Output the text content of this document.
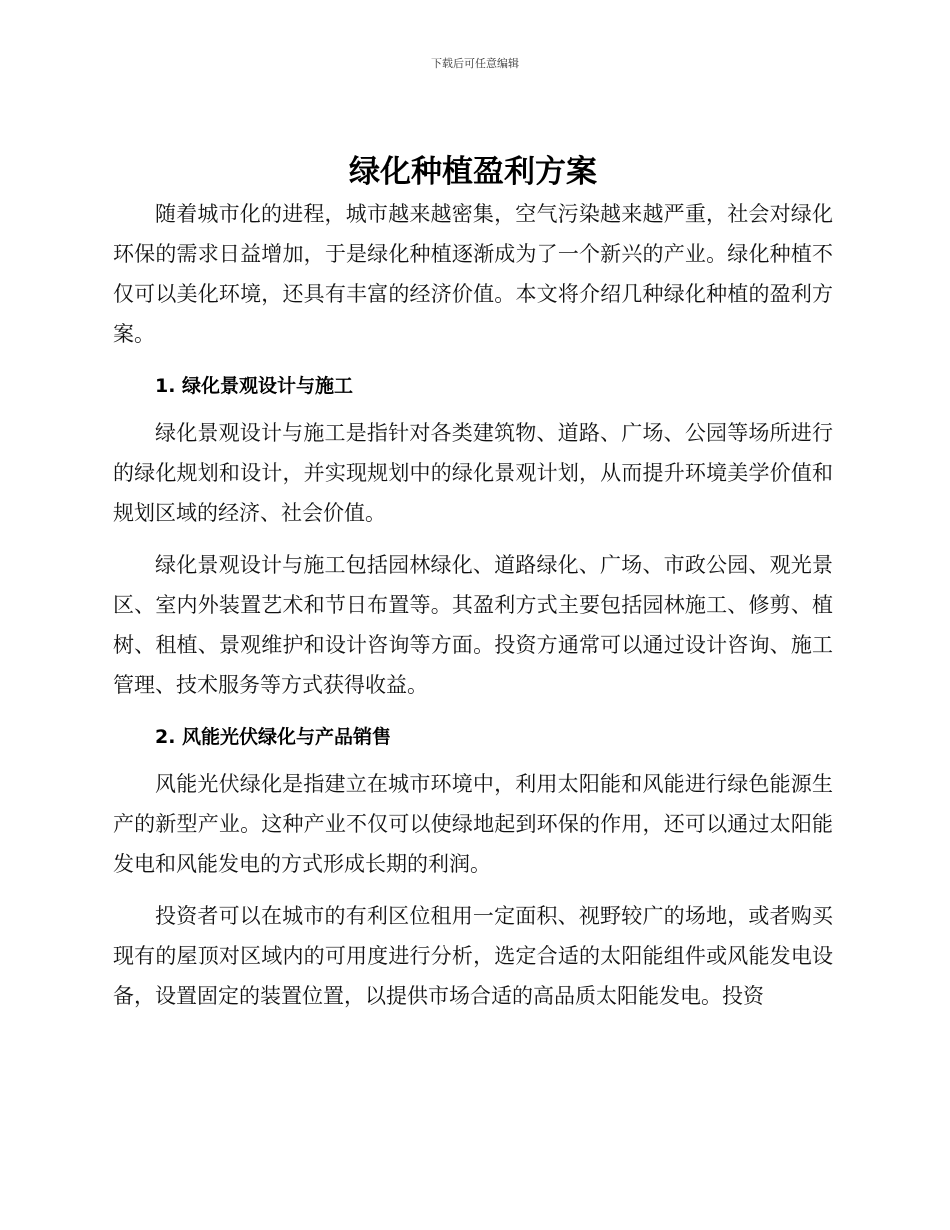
下载后可任意编辑
绿化种植盈利方案

随着城市化的进程，城市越来越密集，空气污染越来越严重，社会对绿化环保的需求日益增加，于是绿化种植逐渐成为了一个新兴的产业。绿化种植不仅可以美化环境，还具有丰富的经济价值。本文将介绍几种绿化种植的盈利方案。

1. 绿化景观设计与施工

绿化景观设计与施工是指针对各类建筑物、道路、广场、公园等场所进行的绿化规划和设计，并实现规划中的绿化景观计划，从而提升环境美学价值和规划区域的经济、社会价值。

绿化景观设计与施工包括园林绿化、道路绿化、广场、市政公园、观光景区、室内外装置艺术和节日布置等。其盈利方式主要包括园林施工、修剪、植树、租植、景观维护和设计咨询等方面。投资方通常可以通过设计咨询、施工管理、技术服务等方式获得收益。

2. 风能光伏绿化与产品销售

风能光伏绿化是指建立在城市环境中，利用太阳能和风能进行绿色能源生产的新型产业。这种产业不仅可以使绿地起到环保的作用，还可以通过太阳能发电和风能发电的方式形成长期的利润。

投资者可以在城市的有利区位租用一定面积、视野较广的场地，或者购买现有的屋顶对区域内的可用度进行分析，选定合适的太阳能组件或风能发电设备，设置固定的装置位置，以提供市场合适的高品质太阳能发电。投资
